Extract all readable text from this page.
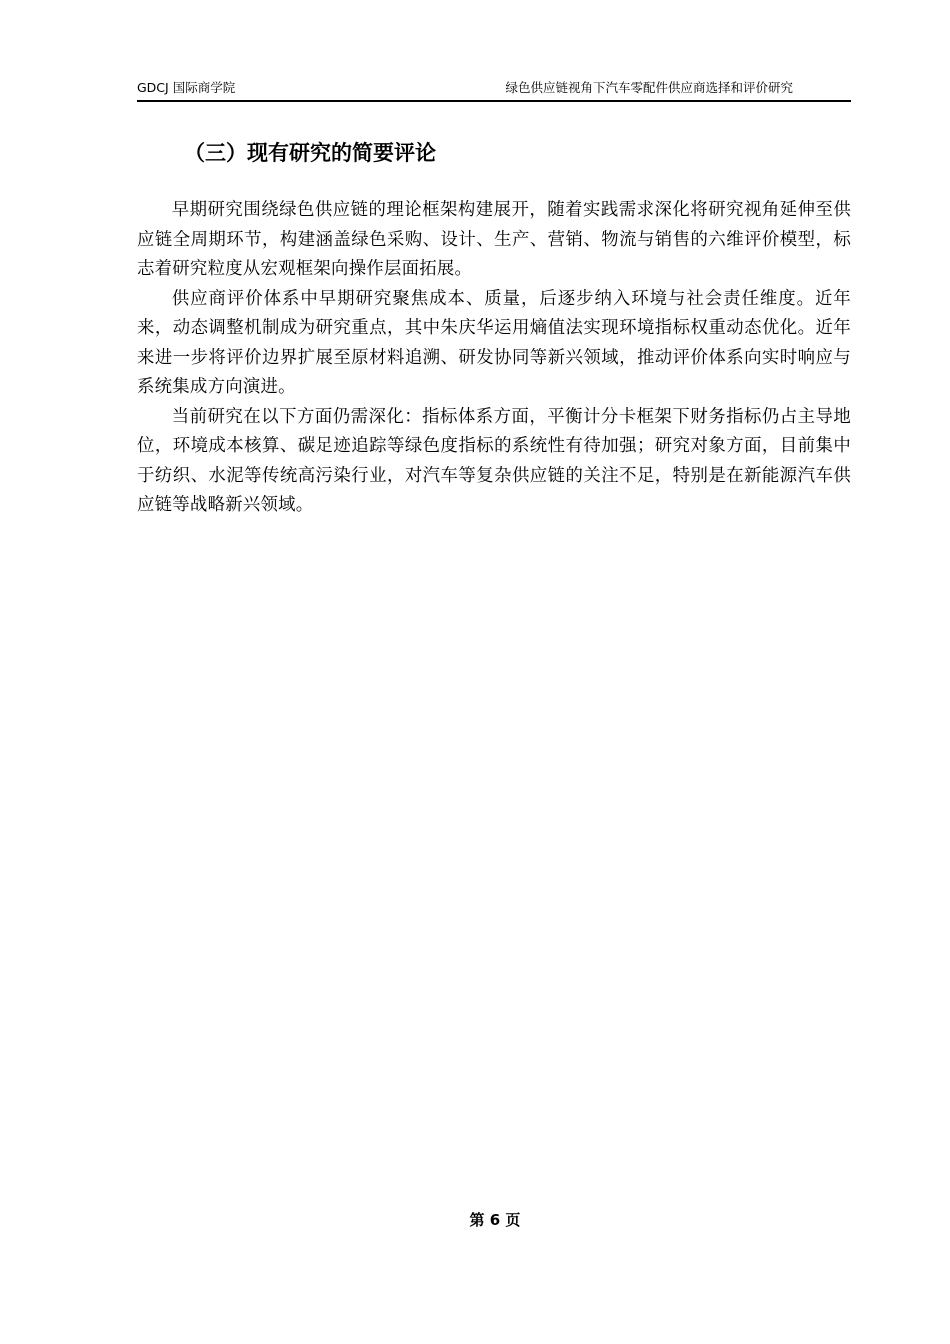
GDCJ 国际商学院	绿色供应链视角下汽车零配件供应商选择和评价研究
（三）现有研究的简要评论

早期研究围绕绿色供应链的理论框架构建展开，随着实践需求深化将研究视角延伸至供应链全周期环节，构建涵盖绿色采购、设计、生产、营销、物流与销售的六维评价模型，标志着研究粒度从宏观框架向操作层面拓展。

供应商评价体系中早期研究聚焦成本、质量，后逐步纳入环境与社会责任维度。近年来，动态调整机制成为研究重点，其中朱庆华运用熵值法实现环境指标权重动态优化。近年来进一步将评价边界扩展至原材料追溯、研发协同等新兴领域，推动评价体系向实时响应与系统集成方向演进。

当前研究在以下方面仍需深化：指标体系方面，平衡计分卡框架下财务指标仍占主导地位，环境成本核算、碳足迹追踪等绿色度指标的系统性有待加强；研究对象方面，目前集中于纺织、水泥等传统高污染行业，对汽车等复杂供应链的关注不足，特别是在新能源汽车供应链等战略新兴领域。

第 6 页
